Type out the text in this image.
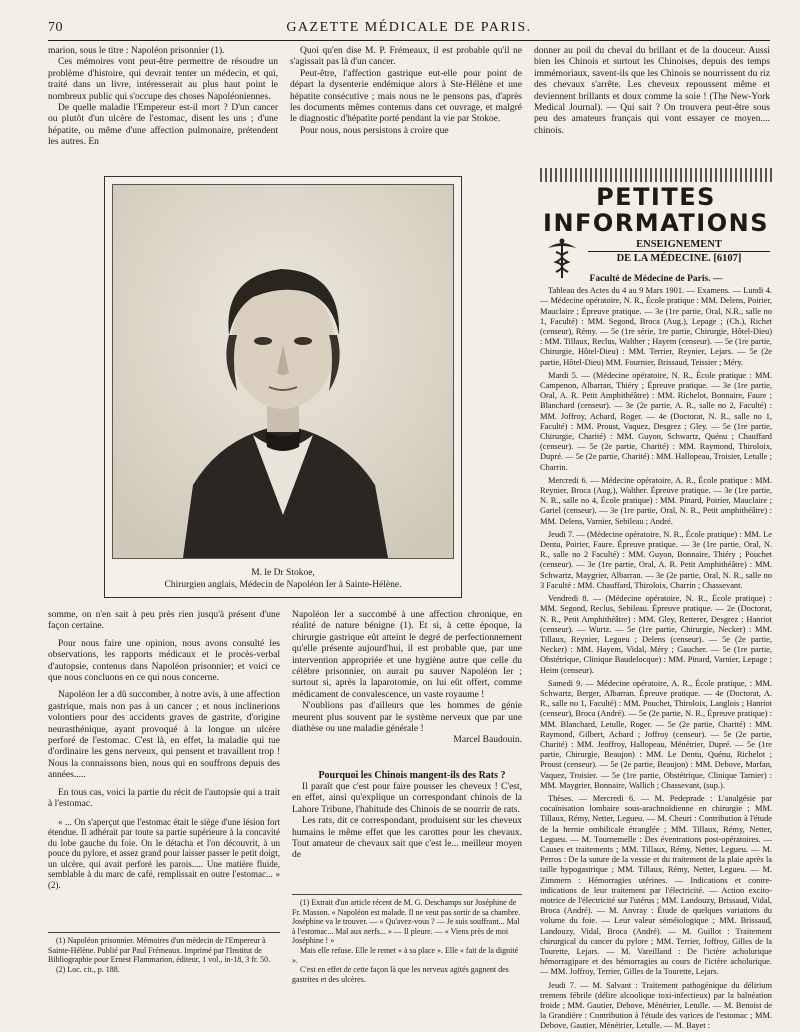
70	GAZETTE MÉDICALE DE PARIS.

marion, sous le titre : Napoléon prisonnier (1).

Ces mémoires vont peut-être permettre de résoudre un problème d'histoire, qui devrait tenter un médecin, et qui, traité dans un livre, intéresserait au plus haut point le nombreux public qui s'occupe des choses Napoléoniennes.

De quelle maladie l'Empereur est-il mort ? D'un cancer ou plutôt d'un ulcère de l'estomac, disent les uns ; d'une hépatite, ou même d'une affection pulmonaire, prétendent les autres. En

Quoi qu'en dise M. P. Frémeaux, il est probable qu'il ne s'agissait pas là d'un cancer.

Peut-être, l'affection gastrique eut-elle pour point de départ la dysenterie endémique alors à Ste-Hélène et une hépatite consécutive ; mais nous ne le pensons pas, d'après les documents mêmes contenus dans cet ouvrage, et malgré le diagnostic d'hépatite porté pendant la vie par Stokoe.

Pour nous, nous persistons à croire que

donner au poil du cheval du brillant et de la douceur. Aussi bien les Chinois et surtout les Chinoises, depuis des temps immémoriaux, savent-ils que les Chinois se nourrissent du riz des chevaux s'arrête. Les cheveux repoussent même et deviennent brillants et doux comme la soie ! (The New-York Medical Journal). — Qui sait ? On trouvera peut-être sous peu des amateurs français qui vont essayer ce moyen.... chinois.

M. le Dr Stokoe,
Chirurgien anglais, Médecin de Napoléon Ier à Sainte-Hélène.

somme, on n'en sait à peu près rien jusqu'à présent d'une façon certaine.

Pour nous faire une opinion, nous avons consulté les observations, les rapports médicaux et le procès-verbal d'autopsie, contenus dans Napoléon prisonnier; et voici ce que nous concluons en ce qui nous concerne.

Napoléon Ier a dû succomber, à notre avis, à une affection gastrique, mais non pas à un cancer ; et nous inclinerions volontiers pour des accidents graves de gastrite, d'origine neurasthénique, ayant provoqué à la longue un ulcère perforé de l'estomac. C'est là, en effet, la maladie qui tue d'ordinaire les gens nerveux, qui pensent et travaillent trop ! Nous la connaissons bien, nous qui en souffrons depuis des années.....

En tous cas, voici la partie du récit de l'autopsie qui a trait à l'estomac.

« ... On s'aperçut que l'estomac était le siège d'une lésion fort étendue. Il adhérait par toute sa partie supérieure à la concavité du lobe gauche du foie. On le détacha et l'on découvrit, à un pouce du pylore, et assez grand pour laisser passer le petit doigt, un ulcère, qui avait perforé les parois..... Une matière fluide, semblable à du marc de café, remplissait en outre l'estomac... » (2).

(1) Napoléon prisonnier. Mémoires d'un médecin de l'Empereur à Sainte-Hélène. Publié par Paul Frémeaux. Imprimé par l'Institut de Bibliographie pour Ernest Flammarion, éditeur, 1 vol., in-18, 3 fr. 50.

(2) Loc. cit., p. 188.

Napoléon Ier a succombé à une affection chronique, en réalité de nature bénigne (1). Et si, à cette époque, la chirurgie gastrique eût atteint le degré de perfectionnement qu'elle présente aujourd'hui, il est probable que, par une intervention appropriée et une hygiène autre que celle du célèbre prisonnier, on aurait pu sauver Napoléon Ier ; surtout si, après la laparotomie, on lui eût offert, comme médicament de convalescence, un vaste royaume !

N'oublions pas d'ailleurs que les hommes de génie meurent plus souvent par le système nerveux que par une diathèse ou une maladie générale !

Marcel Baudouin.

Pourquoi les Chinois mangent-ils des Rats ?

Il paraît que c'est pour faire pousser les cheveux ! C'est, en effet, ainsi qu'explique un correspondant chinois de la Lahore Tribune, l'habitude des Chinois de se nourrir de rats.

Les rats, dit ce correspondant, produisent sur les cheveux humains le même effet que les carottes pour les chevaux. Tout amateur de chevaux sait que c'est le... meilleur moyen de

(1) Extrait d'un article récent de M. G. Deschamps sur Joséphine de Fr. Masson. « Napoléon est malade. Il ne veut pas sortir de sa chambre. Joséphine va le trouver. — « Qu'avez-vous ? — Je suis souffrant... Mal à l'estomac... Mal aux nerfs... » — Il pleure. — « Viens près de moi Joséphine ! »

Mais elle refuse. Elle le remet « à sa place ». Elle « fait de la dignité ».

C'est en effet de cette façon là que les nerveux agités gagnent des gastrites et des ulcères.

PETITES
INFORMATIONS
ENSEIGNEMENT
DE LA MÉDECINE. [6107]
Faculté de Médecine de Paris. —

Tableau des Actes du 4 au 9 Mars 1901. — Examens. — Lundi 4. — Médecine opératoire, N. R., École pratique : MM. Delens, Poirier, Mauclaire ; Épreuve pratique. — 3e (1re partie, Oral, N.R., salle no 1, Faculté) : MM. Segond, Broca (Aug.), Lepage ; (Ch.), Richet (censeur), Rémy. — 5e (1re série, 1re partie, Chirurgie, Hôtel-Dieu) : MM. Tillaux, Reclus, Walther ; Hayem (censeur). — 5e (1re partie, Chirurgie, Hôtel-Dieu) : MM. Terrier, Reynier, Lejars. — 5e (2e partie, Hôtel-Dieu) MM. Fournier, Brissaud, Teissier ; Méry.

Mardi 5. — (Médecine opératoire, N. R., École pratique : MM. Campenon, Albarran, Thiéry ; Épreuve pratique. — 3e (1re partie, Oral, A. R. Petit Amphithéâtre) : MM. Richelot, Bonnaire, Faure ; Blanchard (censeur). — 3e (2e partie, A. R., salle no 2, Faculté) : MM. Joffroy, Achard, Roger. — 4e (Doctorat, N. R., salle no 1, Faculté) : MM. Proust, Vaquez, Desgrez ; Gley. — 5e (1re partie, Chirurgie, Charité) : MM. Guyon, Schwartz, Quénu ; Chauffard (censeur). — 5e (2e partie, Charité) : MM. Raymond, Thiroloix, Dupré. — 5e (2e partie, Charité) : MM. Hallopeau, Troisier, Letulle ; Charrin.

Mercredi 6. — Médecine opératoire, A. R., École pratique : MM. Reynier, Broca (Aug.), Walther. Épreuve pratique. — 3e (1re partie, N. R., salle no 4, École pratique) : MM. Pinard, Poirier, Mauclaire ; Gariel (censeur). — 3e (1re partie, Oral, N. R., Petit amphithéâtre) : MM. Delens, Varnier, Sebileau ; André.

Jeudi 7. — (Médecine opératoire, N. R., École pratique) : MM. Le Dentu, Poirier, Faure. Épreuve pratique. — 3e (1re partie, Oral, N. R., salle no 2 Faculté) : MM. Guyon, Bonnaire, Thiéry ; Pouchet (censeur). — 3e (1re partie, Oral, A. R. Petit Amphithéâtre) : MM. Schwartz, Maygrier, Albarran. — 3e (2e partie, Oral, N. R., salle no 3 Faculté : MM. Chauffard, Thiroloix, Charrin ; Chassevant.

Vendredi 8. — (Médecine opératoire, N. R., École pratique) : MM. Segond, Reclus, Sebileau. Épreuve pratique. — 2e (Doctorat, N. R., Petit Amphithéâtre) : MM. Gley, Retterer, Desgrez ; Hanriot (censeur). — Wurtz. — 5e (1re partie, Chirurgie, Necker) : MM. Tillaux, Reynier, Legueu ; Delens (censeur). — 5e (2e partie, Necker) : MM. Hayem, Vidal, Méry ; Gaucher. — 5e (1re partie, Obstétrique, Clinique Baudelocque) : MM. Pinard, Varnier, Lepage ; Heim (censeur).

Samedi 9. — Médecine opératoire, A. R., École pratique, : MM. Schwartz, Berger, Albarran. Épreuve pratique. — 4e (Doctorat, A. R., salle no 1, Faculté) : MM. Pouchet, Thiroloix, Langlois ; Hanriot (censeur), Broca (André). — 5e (2e partie, N. R., Épreuve pratique) : MM. Blanchard, Letulle, Roger. — 5e (2e partie, Charité) : MM. Raymond, Gilbert, Achard ; Joffroy (censeur). — 5e (2e partie, Charité) : MM. Jeoffroy, Hallopeau, Ménétrier, Dupré. — 5e (1re partie, Chirurgie, Beaujon) : MM. Le Dentu, Quénu, Richelot ; Proust (censeur). — 5e (2e partie, Beaujon) : MM. Debove, Marfan, Vaquez, Troisier. — 5e (1re partie, Obstétrique, Clinique Tarnier) : MM. Maygrier, Bonnaire, Wallich ; Chassevant, (sup.).

Thèses. — Mercredi 6. — M. Pedeprade : L'analgésie par cocaïnisation lombaire sous-arachnoïdienne en chirurgie ; MM. Tillaux, Rémy, Netter, Legueu. — M. Cheuri : Contribution à l'étude de la hernie ombilicale étranglée ; MM. Tillaux, Rémy, Netter, Legueu. — M. Tournemelle : Des éventrations post-opératoires. — Causes et traitements ; MM. Tillaux, Rémy, Netter, Legueu. — M. Perros : De la suture de la vessie et du traitement de la plaie après la taille hypogastrique ; MM. Tillaux, Rémy, Netter, Legueu. — M. Zimmern : Hémorragies utérines. — Indications et contre-indications de leur traitement par l'électricité. — Action excito-motrice de l'électricité sur l'utérus ; MM. Landouzy, Brissaud, Vidal, Broca (André). — M. Anvray : Étude de quelques variations du volume du foie. — Leur valeur séméiologique ; MM. Brissaud, Landouzy, Vidal, Broca (André). — M. Guillot : Traitement chirurgical du cancer du pylore ; MM. Terrier, Joffroy, Gilles de la Tourette, Lejars. — M. Vareilland : De l'ictère acholurique hémorragipare et des hémorragies au cours de l'ictère acholurique. — MM. Joffroy, Terrier, Gilles de la Tourette, Lejars.

Jeudi 7. — M. Salvant : Traitement pathogénique du délirium tremens fébrile (délire alcoolique toxi-infectieux) par la balnéation froide ; MM. Gautier, Debove, Ménétrier, Letulle. — M. Benoist de la Grandière : Contribution à l'étude des varices de l'estomac ; MM. Debove, Gautier, Ménétrier, Letulle. — M. Bayet :
